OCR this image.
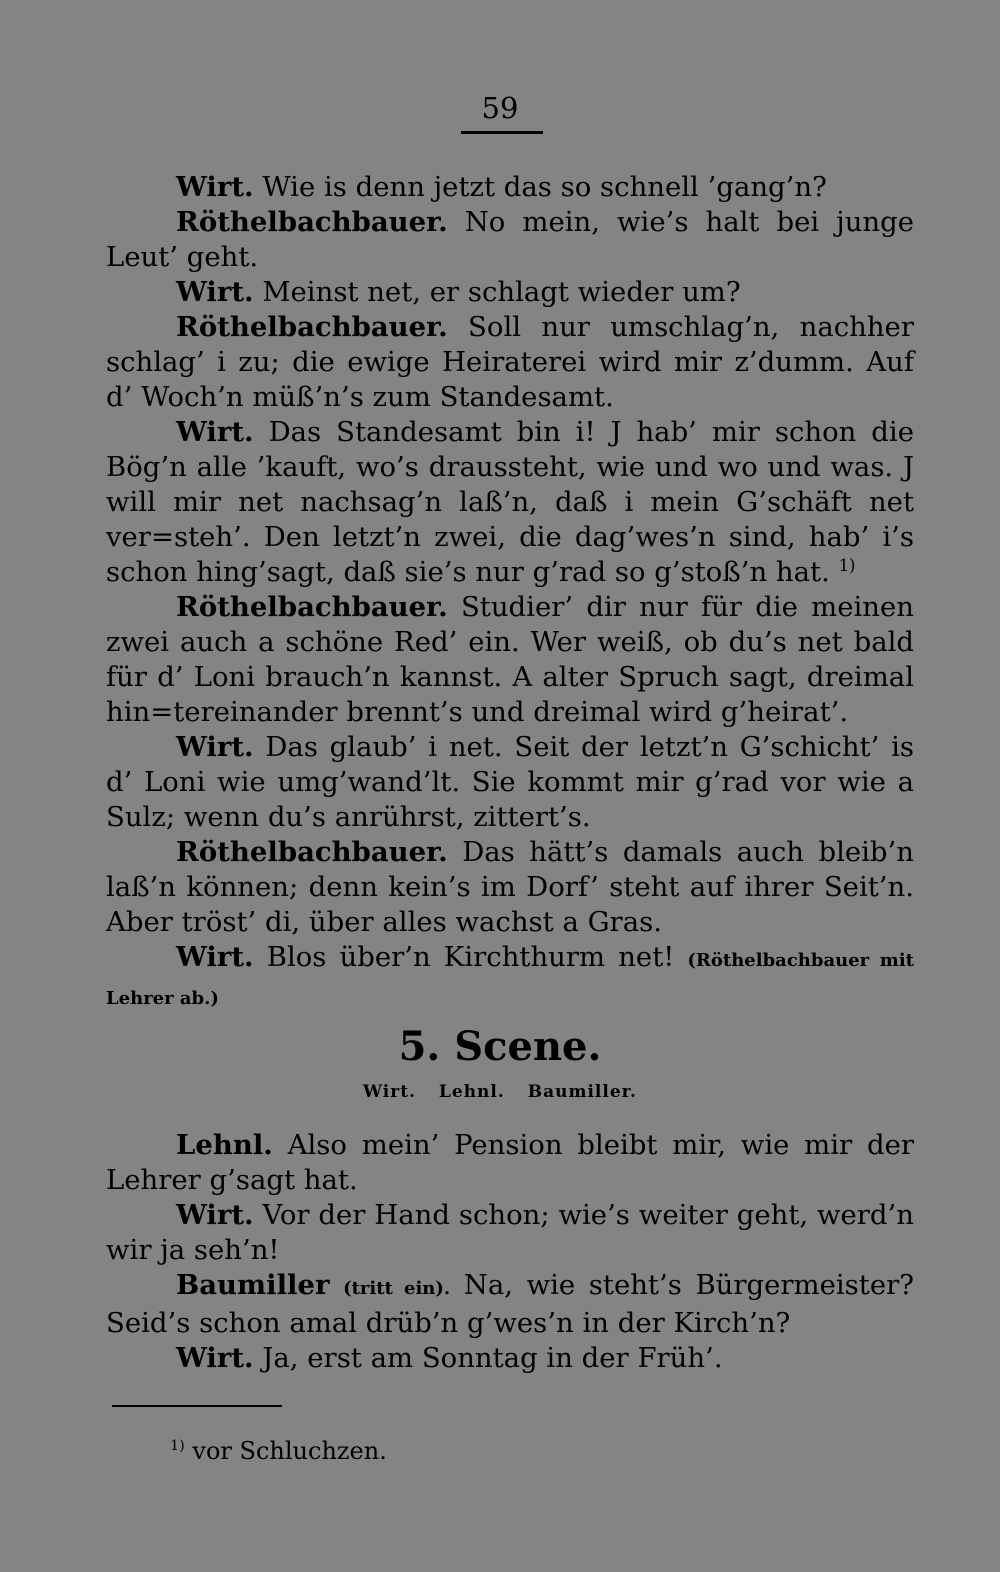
59

Wirt. Wie is denn jetzt das so schnell ’gang’n?

Röthelbachbauer. No mein, wie’s halt bei junge Leut’ geht.

Wirt. Meinst net, er schlagt wieder um?

Röthelbachbauer. Soll nur umschlag’n, nachher schlag’ i zu; die ewige Heiraterei wird mir z’dumm. Auf d’ Woch’n müß’n’s zum Standesamt.

Wirt. Das Standesamt bin i! J hab’ mir schon die Bög’n alle ’kauft, wo’s draussteht, wie und wo und was. J will mir net nachsag’n laß’n, daß i mein G’schäft net ver=steh’. Den letzt’n zwei, die dag’wes’n sind, hab’ i’s schon hing’sagt, daß sie’s nur g’rad so g’stoß’n hat. $^{1)}$

Röthelbachbauer. Studier’ dir nur für die meinen zwei auch a schöne Red’ ein. Wer weiß, ob du’s net bald für d’ Loni brauch’n kannst. A alter Spruch sagt, dreimal hin=tereinander brennt’s und dreimal wird g’heirat’.

Wirt. Das glaub’ i net. Seit der letzt’n G’schicht’ is d’ Loni wie umg’wand’lt. Sie kommt mir g’rad vor wie a Sulz; wenn du’s anrührst, zittert’s.

Röthelbachbauer. Das hätt’s damals auch bleib’n laß’n können; denn kein’s im Dorf’ steht auf ihrer Seit’n. Aber tröst’ di, über alles wachst a Gras.

Wirt. Blos über’n Kirchthurm net! (Röthelbachbauer mit Lehrer ab.)

5. Scene.
Wirt. Lehnl. Baumiller.

Lehnl. Also mein’ Pension bleibt mir, wie mir der Lehrer g’sagt hat.

Wirt. Vor der Hand schon; wie’s weiter geht, werd’n wir ja seh’n!

Baumiller (tritt ein). Na, wie steht’s Bürgermeister? Seid’s schon amal drüb’n g’wes’n in der Kirch’n?

Wirt. Ja, erst am Sonntag in der Früh’.

$^{1)}$ vor Schluchzen.
